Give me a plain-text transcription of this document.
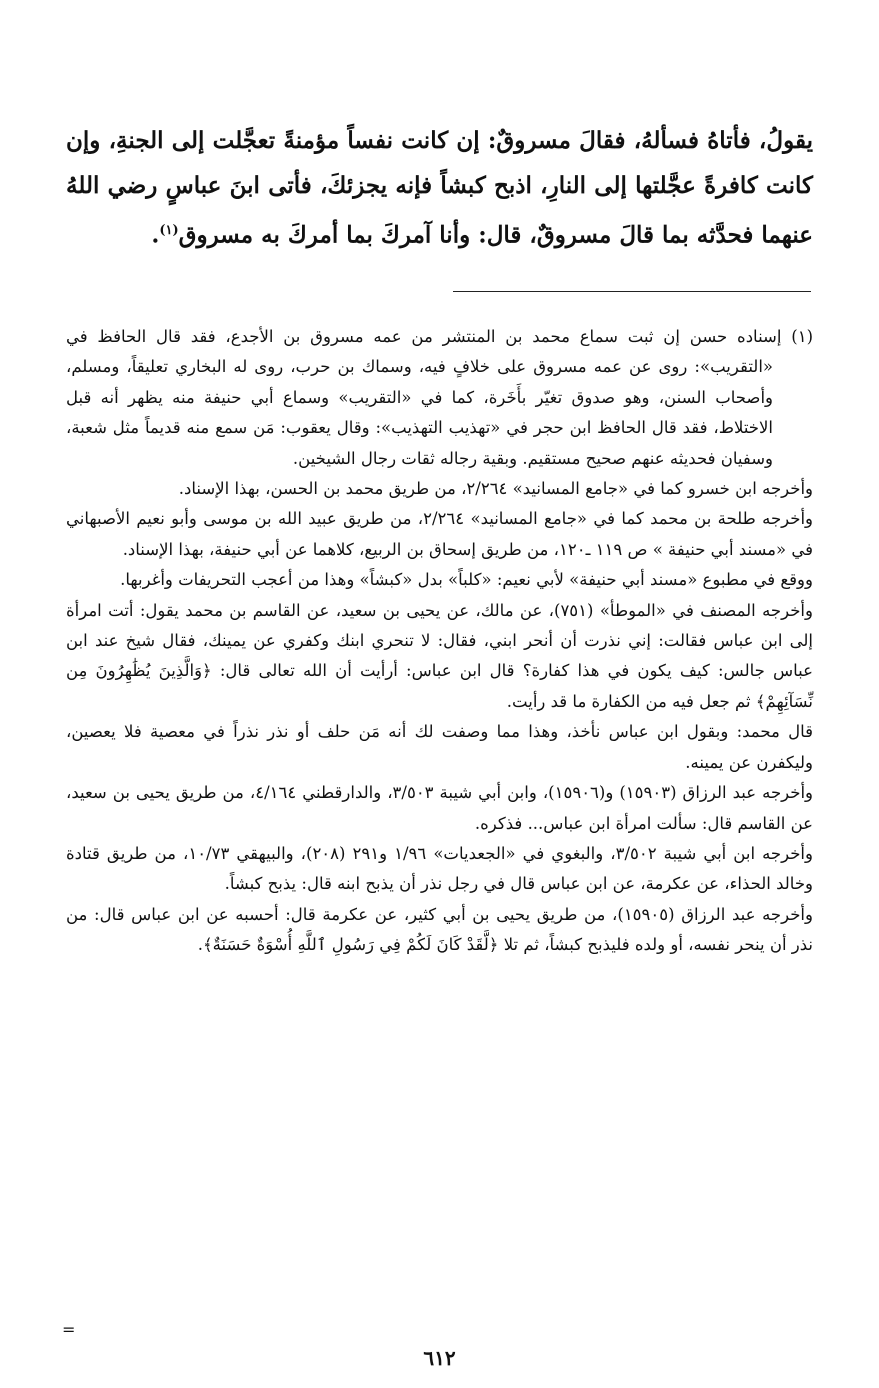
يقولُ، فأتاهُ فسألهُ، فقالَ مسروقٌ: إن كانت نفساً مؤمنةً تعجَّلت إلى الجنةِ، وإن كانت كافرةً عجَّلتها إلى النارِ، اذبح كبشاً فإنه يجزئكَ، فأتى ابنَ عباسٍ رضي اللهُ عنهما فحدَّثه بما قالَ مسروقٌ، قال: وأنا آمركَ بما أمركَ به مسروق$^{(١)}$.

(١) إسناده حسن إن ثبت سماع محمد بن المنتشر من عمه مسروق بن الأجدع، فقد قال الحافظ في «التقريب»: روى عن عمه مسروق على خلافٍ فيه، وسماك بن حرب، روى له البخاري تعليقاً، ومسلم، وأصحاب السنن، وهو صدوق تغيّر بأَخَرة، كما في «التقريب» وسماع أبي حنيفة منه يظهر أنه قبل الاختلاط، فقد قال الحافظ ابن حجر في «تهذيب التهذيب»: وقال يعقوب: مَن سمع منه قديماً مثل شعبة، وسفيان فحديثه عنهم صحيح مستقيم. وبقية رجاله ثقات رجال الشيخين.

وأخرجه ابن خسرو كما في «جامع المسانيد» ٢/٢٦٤، من طريق محمد بن الحسن، بهذا الإسناد.

وأخرجه طلحة بن محمد كما في «جامع المسانيد» ٢/٢٦٤، من طريق عبيد الله بن موسى وأبو نعيم الأصبهاني في «مسند أبي حنيفة » ص ١١٩ ـ١٢٠، من طريق إسحاق بن الربيع، كلاهما عن أبي حنيفة، بهذا الإسناد.

ووقع في مطبوع «مسند أبي حنيفة» لأبي نعيم: «كلباً» بدل «كبشاً» وهذا من أعجب التحريفات وأغربها.

وأخرجه المصنف في «الموطأ» (٧٥١)، عن مالك، عن يحيى بن سعيد، عن القاسم بن محمد يقول: أتت امرأة إلى ابن عباس فقالت: إني نذرت أن أنحر ابني، فقال: لا تنحري ابنك وكفري عن يمينك، فقال شيخ عند ابن عباس جالس: كيف يكون في هذا كفارة؟ قال ابن عباس: أرأيت أن الله تعالى قال: ﴿وَالَّذِينَ يُظَٰهِرُونَ مِن نِّسَآئِهِمْ﴾ ثم جعل فيه من الكفارة ما قد رأيت.

قال محمد: وبقول ابن عباس نأخذ، وهذا مما وصفت لك أنه مَن حلف أو نذر نذراً في معصية فلا يعصين، وليكفرن عن يمينه.

وأخرجه عبد الرزاق (١٥٩٠٣) و(١٥٩٠٦)، وابن أبي شيبة ٣/٥٠٣، والدارقطني ٤/١٦٤، من طريق يحيى بن سعيد، عن القاسم قال: سألت امرأة ابن عباس... فذكره.

وأخرجه ابن أبي شيبة ٣/٥٠٢، والبغوي في «الجعديات» ١/٩٦ و٢٩١ (٢٠٨)، والبيهقي ١٠/٧٣، من طريق قتادة وخالد الحذاء، عن عكرمة، عن ابن عباس قال في رجل نذر أن يذبح ابنه قال: يذبح كبشاً.

وأخرجه عبد الرزاق (١٥٩٠٥)، من طريق يحيى بن أبي كثير، عن عكرمة قال: أحسبه عن ابن عباس قال: من نذر أن ينحر نفسه، أو ولده فليذبح كبشاً، ثم تلا ﴿لَّقَدْ كَانَ لَكُمْ فِي رَسُولِ ٱللَّهِ أُسْوَةٌ حَسَنَةٌ﴾.

=
٦١٢
